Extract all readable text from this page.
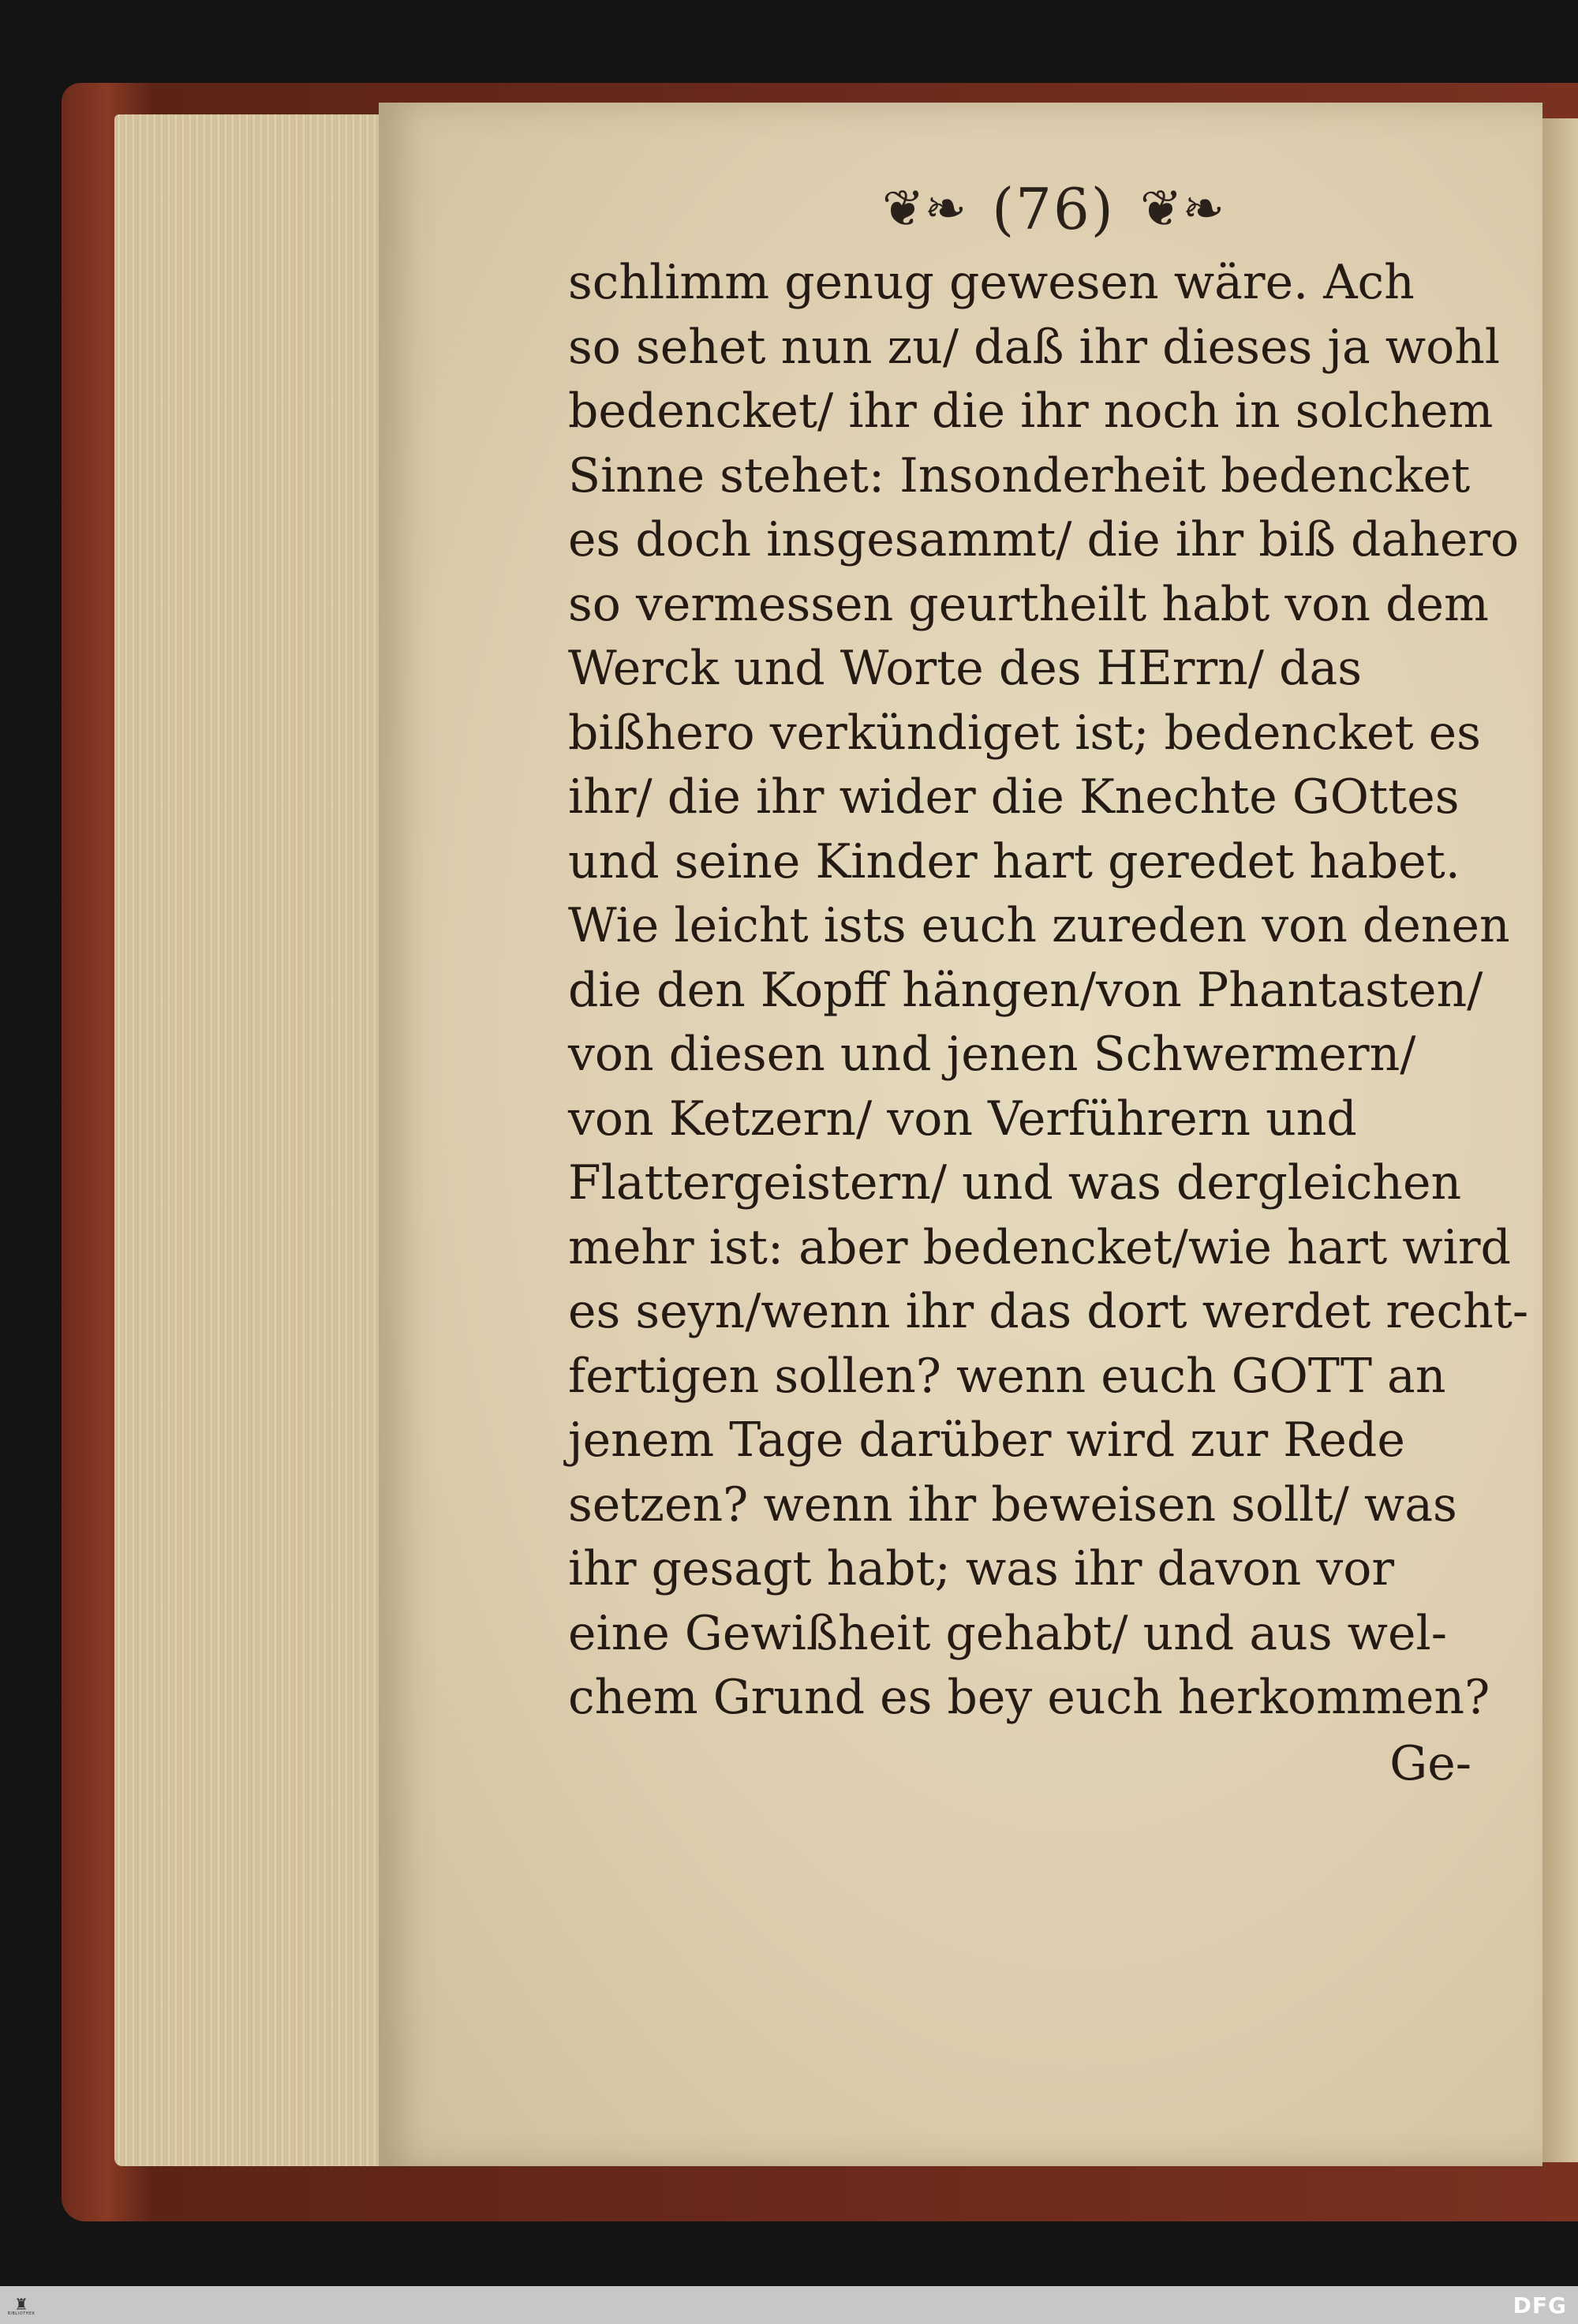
❦❧ (76) ❦❧
schlimm genug gewesen wäre. Ach
so sehet nun zu/ daß ihr dieses ja wohl
bedencket/ ihr die ihr noch in solchem
Sinne stehet: Insonderheit bedencket
es doch insgesammt/ die ihr biß dahero
so vermessen geurtheilt habt von dem
Werck und Worte des HErrn/ das
bißhero verkündiget ist; bedencket es
ihr/ die ihr wider die Knechte GOttes
und seine Kinder hart geredet habet.
Wie leicht ists euch zureden von denen
die den Kopff hängen/von Phantasten/
von diesen und jenen Schwermern/
von Ketzern/ von Verführern und
Flattergeistern/ und was dergleichen
mehr ist: aber bedencket/wie hart wird
es seyn/wenn ihr das dort werdet recht-
fertigen sollen? wenn euch GOTT an
jenem Tage darüber wird zur Rede
setzen? wenn ihr beweisen sollt/ was
ihr gesagt habt; was ihr davon vor
eine Gewißheit gehabt/ und aus wel-
chem Grund es bey euch herkommen?
Ge-
♜
BIBLIOTHEK	DFG
